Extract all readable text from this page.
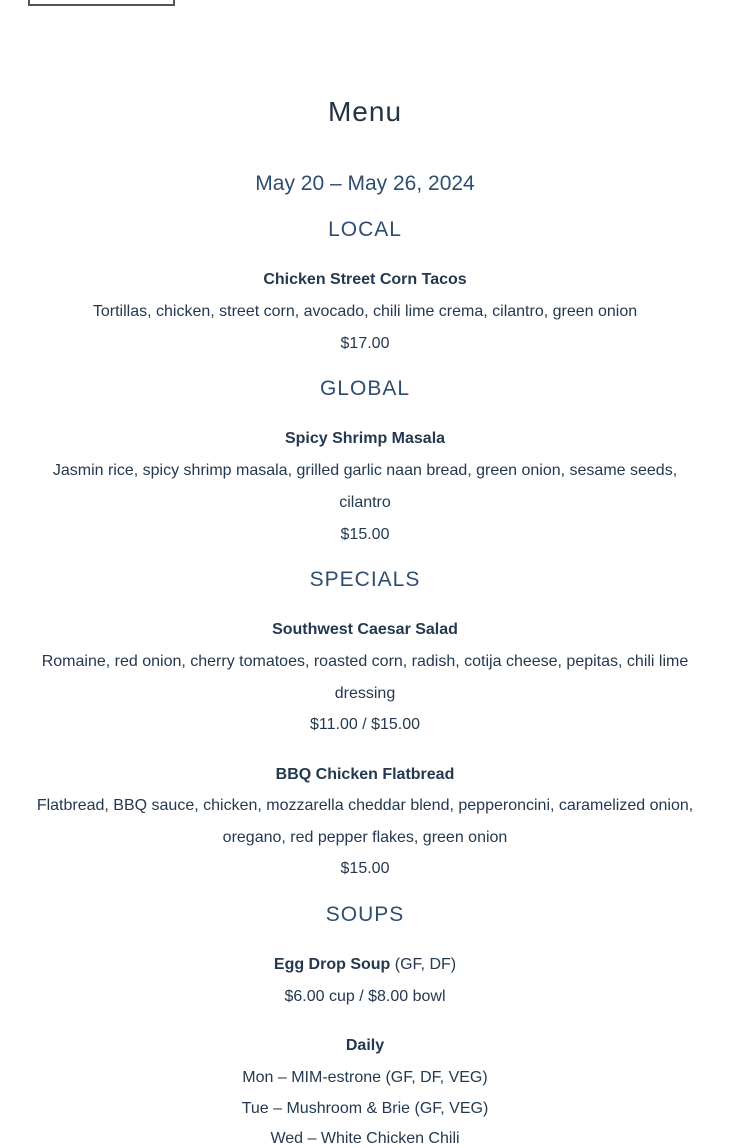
Menu
May 20 – May 26, 2024
LOCAL
Chicken Street Corn Tacos
Tortillas, chicken, street corn, avocado, chili lime crema, cilantro, green onion
$17.00
GLOBAL
Spicy Shrimp Masala
Jasmin rice, spicy shrimp masala, grilled garlic naan bread, green onion, sesame seeds,
cilantro
$15.00
SPECIALS
Southwest Caesar Salad
Romaine, red onion, cherry tomatoes, roasted corn, radish, cotija cheese, pepitas, chili lime
dressing
$11.00 / $15.00
BBQ Chicken Flatbread
Flatbread, BBQ sauce, chicken, mozzarella cheddar blend, pepperoncini, caramelized onion,
oregano, red pepper flakes, green onion
$15.00
SOUPS
Egg Drop Soup (GF, DF)
$6.00 cup / $8.00 bowl
Daily
Mon – MIM-estrone (GF, DF, VEG)
Tue – Mushroom & Brie (GF, VEG)
Wed – White Chicken Chili
